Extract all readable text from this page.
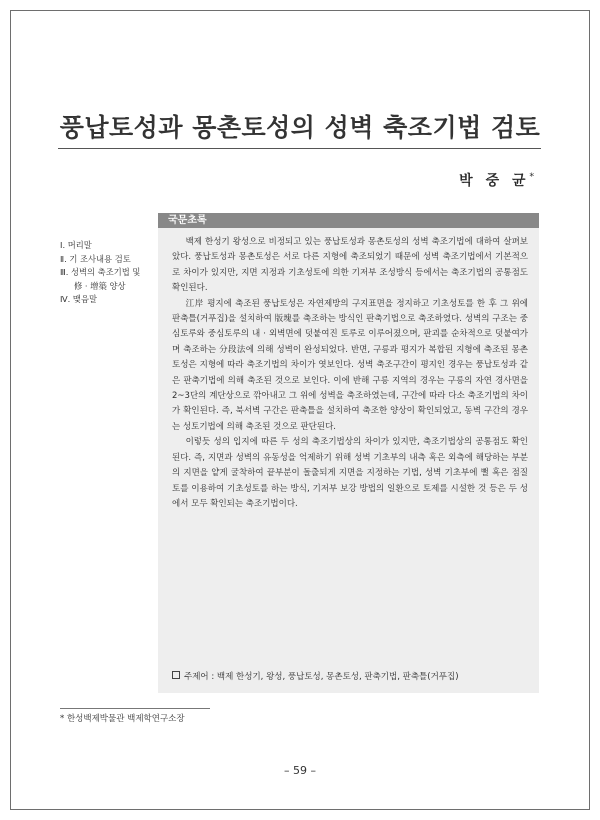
풍납토성과 몽촌토성의 성벽 축조기법 검토
박 중 균*
Ⅰ. 머리말
Ⅱ. 기 조사내용 검토
Ⅲ. 성벽의 축조기법 및
修 · 增築 양상
Ⅳ. 맺음말
국문초록

백제 한성기 왕성으로 비정되고 있는 풍납토성과 몽촌토성의 성벽 축조기법에 대하여 살펴보았다. 풍납토성과 몽촌토성은 서로 다른 지형에 축조되었기 때문에 성벽 축조기법에서 기본적으로 차이가 있지만, 지면 지정과 기초성토에 의한 기저부 조성방식 등에서는 축조기법의 공통점도 확인된다.

江岸 평지에 축조된 풍납토성은 자연제방의 구지표면을 정지하고 기초성토를 한 후 그 위에 판축틀(거푸집)을 설치하여 版塊를 축조하는 방식인 판축기법으로 축조하였다. 성벽의 구조는 중심토루와 중심토루의 내 · 외벽면에 덧붙여진 토루로 이루어졌으며, 판괴를 순차적으로 덧붙여가며 축조하는 分段法에 의해 성벽이 완성되었다. 반면, 구릉과 평지가 복합된 지형에 축조된 몽촌토성은 지형에 따라 축조기법의 차이가 엿보인다. 성벽 축조구간이 평지인 경우는 풍납토성과 같은 판축기법에 의해 축조된 것으로 보인다. 이에 반해 구릉 지역의 경우는 구릉의 자연 경사면을 2~3단의 계단상으로 깎아내고 그 위에 성벽을 축조하였는데, 구간에 따라 다소 축조기법의 차이가 확인된다. 즉, 북서벽 구간은 판축틀을 설치하여 축조한 양상이 확인되었고, 동벽 구간의 경우는 성토기법에 의해 축조된 것으로 판단된다.

이렇듯 성의 입지에 따른 두 성의 축조기법상의 차이가 있지만, 축조기법상의 공통점도 확인된다. 즉, 지면과 성벽의 유동성을 억제하기 위해 성벽 기초부의 내측 혹은 외측에 해당하는 부분의 지면을 얕게 굴착하여 끝부분이 돌출되게 지면을 지정하는 기법, 성벽 기초부에 뻘 혹은 점질토를 이용하여 기초성토를 하는 방식, 기저부 보강 방법의 일환으로 토제를 시설한 것 등은 두 성에서 모두 확인되는 축조기법이다.

주제어 : 백제 한성기, 왕성, 풍납토성, 몽촌토성, 판축기법, 판축틀(거푸집)
* 한성백제박물관 백제학연구소장
– 59 –
